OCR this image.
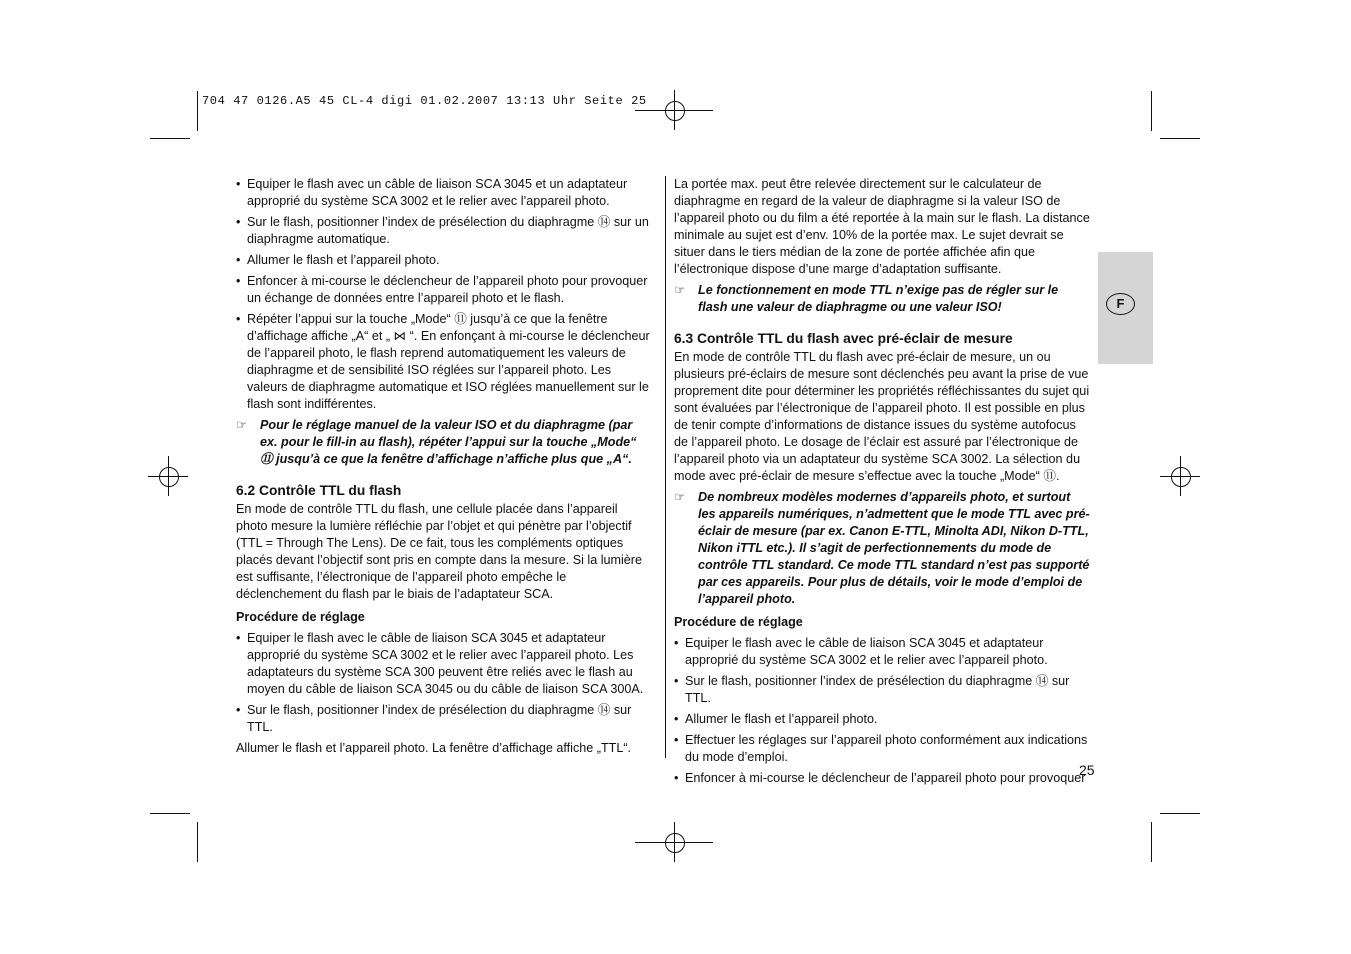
704 47 0126.A5 45 CL-4 digi 01.02.2007 13:13 Uhr Seite 25
• Equiper le flash avec un câble de liaison SCA 3045 et un adaptateur approprié du système SCA 3002 et le relier avec l’appareil photo.
• Sur le flash, positionner l’index de présélection du diaphragme ⑭ sur un diaphragme automatique.
• Allumer le flash et l’appareil photo.
• Enfoncer à mi-course le déclencheur de l’appareil photo pour provoquer un échange de données entre l’appareil photo et le flash.
• Répéter l’appui sur la touche „Mode“ ⑪ jusqu’à ce que la fenêtre d’affichage affiche „A“ et „ ⋈ “. En enfonçant à mi-course le déclencheur de l’appareil photo, le flash reprend automatiquement les valeurs de diaphragme et de sensibilité ISO réglées sur l’appareil photo. Les valeurs de diaphragme automatique et ISO réglées manuellement sur le flash sont indifférentes.
☞ Pour le réglage manuel de la valeur ISO et du diaphragme (par ex. pour le fill-in au flash), répéter l’appui sur la touche „Mode“ ⑪ jusqu’à ce que la fenêtre d’affichage n’affiche plus que „A“.
6.2 Contrôle TTL du flash

En mode de contrôle TTL du flash, une cellule placée dans l’appareil photo mesure la lumière réfléchie par l’objet et qui pénètre par l’objectif (TTL = Through The Lens). De ce fait, tous les compléments optiques placés devant l’objectif sont pris en compte dans la mesure. Si la lumière est suffisante, l’électronique de l’appareil photo empêche le déclenchement du flash par le biais de l’adaptateur SCA.

Procédure de réglage
• Equiper le flash avec le câble de liaison SCA 3045 et adaptateur approprié du système SCA 3002 et le relier avec l’appareil photo. Les adaptateurs du système SCA 300 peuvent être reliés avec le flash au moyen du câble de liaison SCA 3045 ou du câble de liaison SCA 300A.
• Sur le flash, positionner l’index de présélection du diaphragme ⑭ sur TTL.

Allumer le flash et l’appareil photo. La fenêtre d’affichage affiche „TTL“.

La portée max. peut être relevée directement sur le calculateur de diaphragme en regard de la valeur de diaphragme si la valeur ISO de l’appareil photo ou du film a été reportée à la main sur le flash. La distance minimale au sujet est d’env. 10% de la portée max. Le sujet devrait se situer dans le tiers médian de la zone de portée affichée afin que l’électronique dispose d’une marge d’adaptation suffisante.

☞ Le fonctionnement en mode TTL n’exige pas de régler sur le flash une valeur de diaphragme ou une valeur ISO!
6.3 Contrôle TTL du flash avec pré-éclair de mesure

En mode de contrôle TTL du flash avec pré-éclair de mesure, un ou plusieurs pré-éclairs de mesure sont déclenchés peu avant la prise de vue proprement dite pour déterminer les propriétés réfléchissantes du sujet qui sont évaluées par l’électronique de l’appareil photo. Il est possible en plus de tenir compte d’informations de distance issues du système autofocus de l’appareil photo. Le dosage de l’éclair est assuré par l’électronique de l’appareil photo via un adaptateur du système SCA 3002. La sélection du mode avec pré-éclair de mesure s’effectue avec la touche „Mode“ ⑪.

☞ De nombreux modèles modernes d’appareils photo, et surtout les appareils numériques, n’admettent que le mode TTL avec pré-éclair de mesure (par ex. Canon E-TTL, Minolta ADI, Nikon D-TTL, Nikon iTTL etc.). Il s’agit de perfectionnements du mode de contrôle TTL standard. Ce mode TTL standard n’est pas supporté par ces appareils. Pour plus de détails, voir le mode d’emploi de l’appareil photo.
Procédure de réglage
• Equiper le flash avec le câble de liaison SCA 3045 et adaptateur approprié du système SCA 3002 et le relier avec l’appareil photo.
• Sur le flash, positionner l’index de présélection du diaphragme ⑭ sur TTL.
• Allumer le flash et l’appareil photo.
• Effectuer les réglages sur l’appareil photo conformément aux indications du mode d’emploi.
• Enfoncer à mi-course le déclencheur de l’appareil photo pour provoquer
F
25
